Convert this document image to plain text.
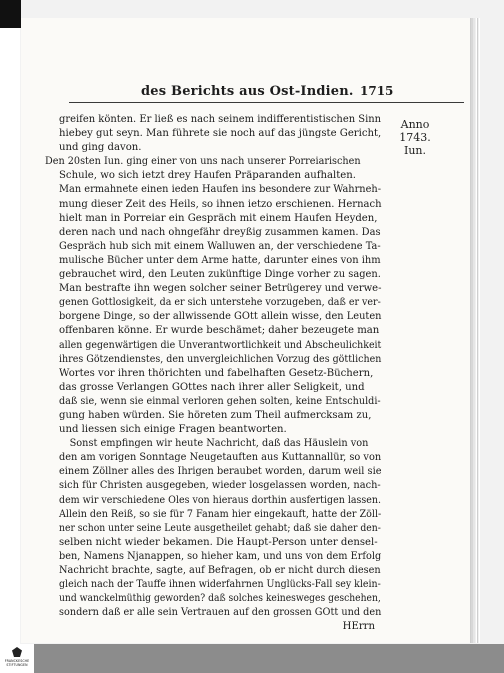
des Berichts aus Ost-Indien. 1715
Anno 1743.
Iun.
greifen könten. Er ließ es nach seinem indifferentistischen Sinn
hiebey gut seyn. Man führete sie noch auf das jüngste Gericht,
und ging davon.
Den 20sten Iun. ging einer von uns nach unserer Porreiarischen
Schule, wo sich ietzt drey Haufen Präparanden aufhalten.
Man ermahnete einen ieden Haufen ins besondere zur Wahrneh-
mung dieser Zeit des Heils, so ihnen ietzo erschienen. Hernach
hielt man in Porreiar ein Gespräch mit einem Haufen Heyden,
deren nach und nach ohngefähr dreyßig zusammen kamen. Das
Gespräch hub sich mit einem Walluwen an, der verschiedene Ta-
mulische Bücher unter dem Arme hatte, darunter eines von ihm
gebrauchet wird, den Leuten zukünftige Dinge vorher zu sagen.
Man bestrafte ihn wegen solcher seiner Betrügerey und verwe-
genen Gottlosigkeit, da er sich unterstehe vorzugeben, daß er ver-
borgene Dinge, so der allwissende GOtt allein wisse, den Leuten
offenbaren könne. Er wurde beschämet; daher bezeugete man
allen gegenwärtigen die Unverantwortlichkeit und Abscheulichkeit
ihres Götzendienstes, den unvergleichlichen Vorzug des göttlichen
Wortes vor ihren thörichten und fabelhaften Gesetz-Büchern,
das grosse Verlangen GOttes nach ihrer aller Seligkeit, und
daß sie, wenn sie einmal verloren gehen solten, keine Entschuldi-
gung haben würden. Sie höreten zum Theil aufmercksam zu,
und liessen sich einige Fragen beantworten.
Sonst empfingen wir heute Nachricht, daß das Häuslein von
den am vorigen Sonntage Neugetauften aus Kuttannallür, so von
einem Zöllner alles des Ihrigen beraubet worden, darum weil sie
sich für Christen ausgegeben, wieder losgelassen worden, nach-
dem wir verschiedene Oles von hieraus dorthin ausfertigen lassen.
Allein den Reiß, so sie für 7 Fanam hier eingekauft, hatte der Zöll-
ner schon unter seine Leute ausgetheilet gehabt; daß sie daher den-
selben nicht wieder bekamen. Die Haupt-Person unter densel-
ben, Namens Njanappen, so hieher kam, und uns von dem Erfolg
Nachricht brachte, sagte, auf Befragen, ob er nicht durch diesen
gleich nach der Tauffe ihnen widerfahrnen Unglücks-Fall sey klein-
und wanckelmüthig geworden? daß solches keinesweges geschehen,
sondern daß er alle sein Vertrauen auf den grossen GOtt und den
HErrn
FRANCKESCHE STIFTUNGEN
